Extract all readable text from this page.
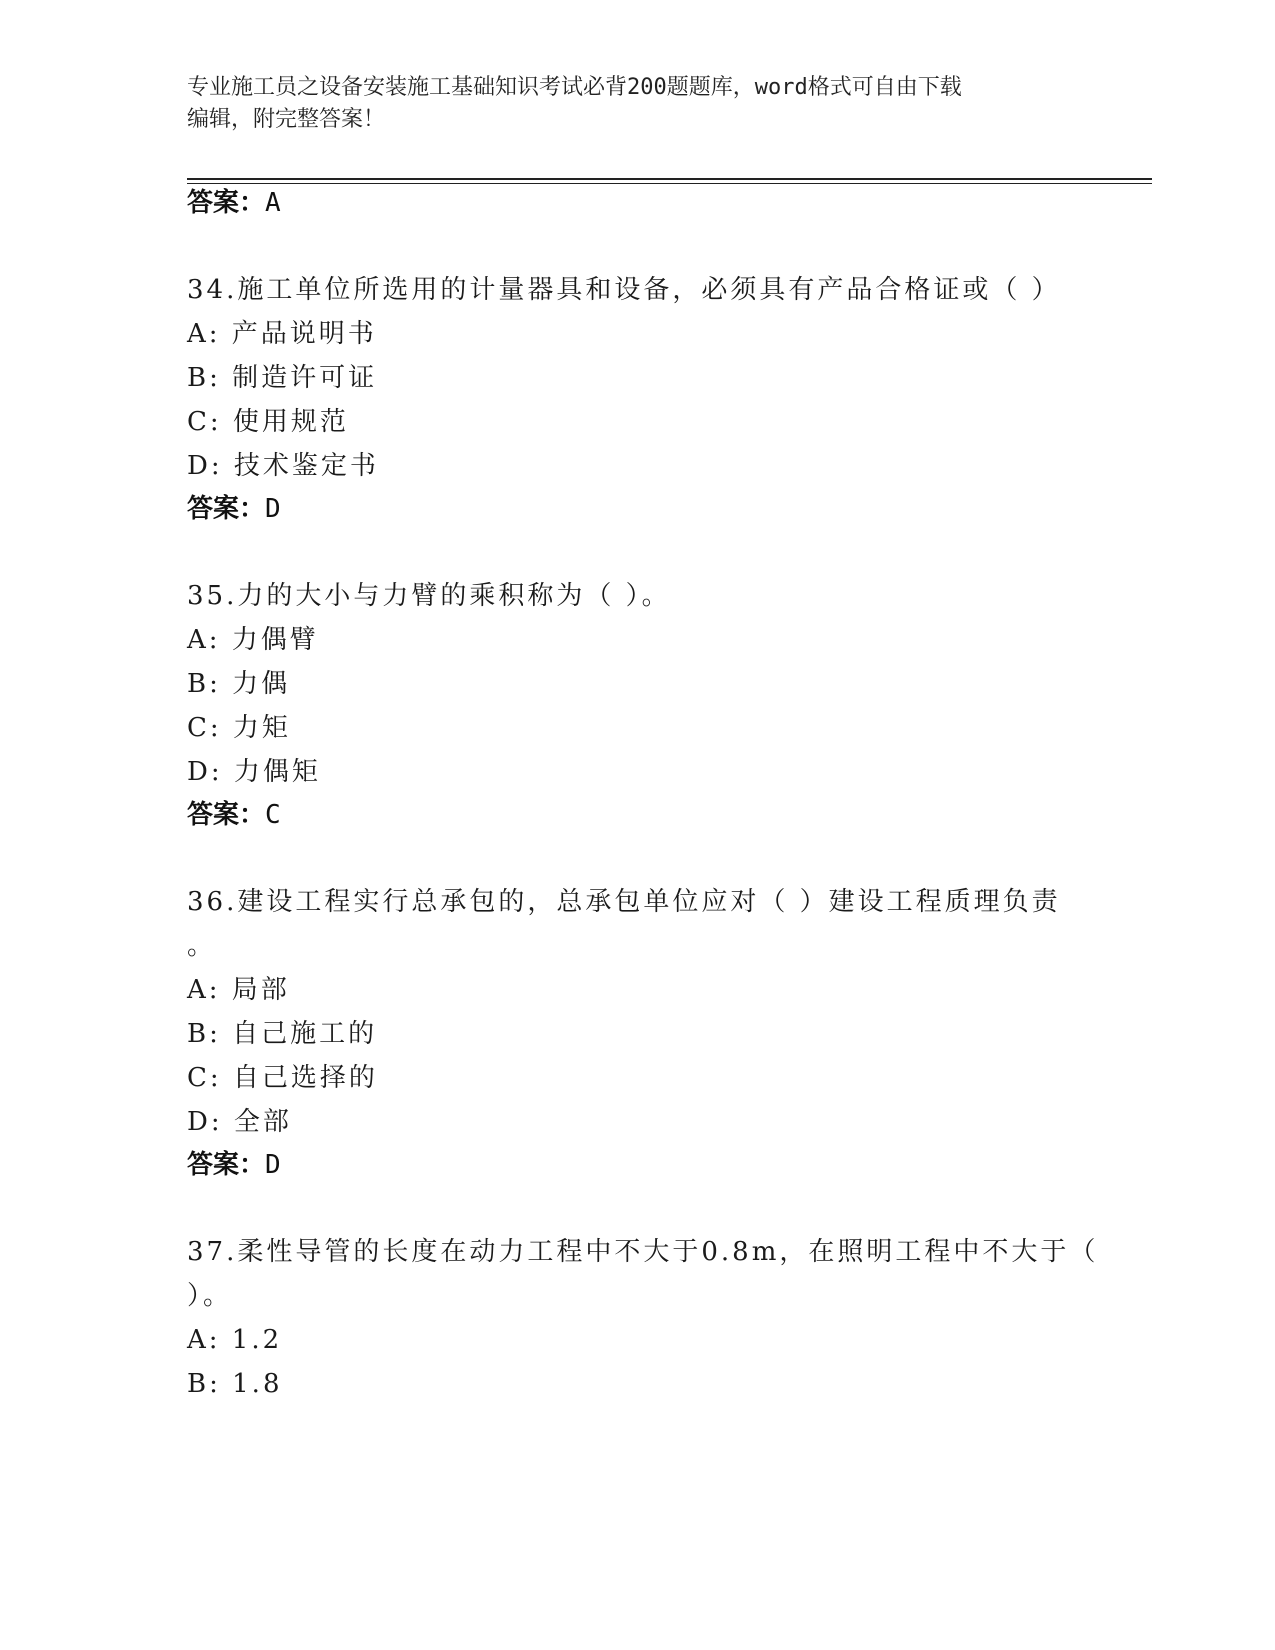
专业施工员之设备安装施工基础知识考试必背200题题库，word格式可自由下载
编辑，附完整答案！
答案：A
34.施工单位所选用的计量器具和设备，必须具有产品合格证或（ ）
A: 产品说明书
B: 制造许可证
C: 使用规范
D: 技术鉴定书
答案：D
35.力的大小与力臂的乘积称为（ ）。
A: 力偶臂
B: 力偶
C: 力矩
D: 力偶矩
答案：C
36.建设工程实行总承包的，总承包单位应对（ ）建设工程质理负责
。
A: 局部
B: 自己施工的
C: 自己选择的
D: 全部
答案：D
37.柔性导管的长度在动力工程中不大于0.8m，在照明工程中不大于（
）。
A: 1.2
B: 1.8
